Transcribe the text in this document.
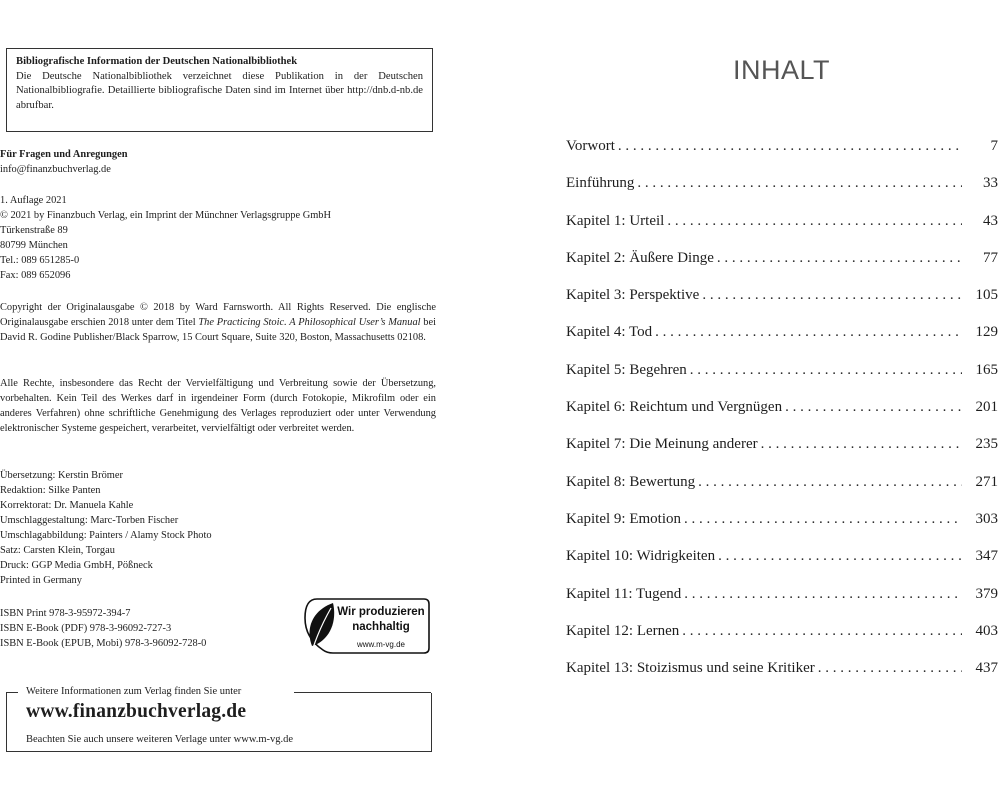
Bibliografische Information der Deutschen Nationalbibliothek
Die Deutsche Nationalbibliothek verzeichnet diese Publikation in der Deutschen Nationalbibliografie. Detaillierte bibliografische Daten sind im Internet über http://dnb.d-nb.de abrufbar.

Für Fragen und Anregungen

info@finanzbuchverlag.de

1. Auflage 2021

© 2021 by Finanzbuch Verlag, ein Imprint der Münchner Verlagsgruppe GmbH

Türkenstraße 89

80799 München

Tel.: 089 651285-0

Fax: 089 652096

Copyright der Originalausgabe © 2018 by Ward Farnsworth. All Rights Reserved. Die englische Originalausgabe erschien 2018 unter dem Titel The Practicing Stoic. A Philosophical User’s Manual bei David R. Godine Publisher/Black Sparrow, 15 Court Square, Suite 320, Boston, Massachusetts 02108.
Alle Rechte, insbesondere das Recht der Vervielfältigung und Verbreitung sowie der Übersetzung, vorbehalten. Kein Teil des Werkes darf in irgendeiner Form (durch Fotokopie, Mikrofilm oder ein anderes Verfahren) ohne schriftliche Genehmigung des Verlages reproduziert oder unter Verwendung elektronischer Systeme gespeichert, verarbeitet, vervielfältigt oder verbreitet werden.

Übersetzung: Kerstin Brömer

Redaktion: Silke Panten

Korrektorat: Dr. Manuela Kahle

Umschlaggestaltung: Marc-Torben Fischer

Umschlagabbildung: Painters / Alamy Stock Photo

Satz: Carsten Klein, Torgau

Druck: GGP Media GmbH, Pößneck

Printed in Germany

ISBN Print 978-3-95972-394-7

ISBN E-Book (PDF) 978-3-96092-727-3

ISBN E-Book (EPUB, Mobi) 978-3-96092-728-0

Wir produzieren
nachhaltig
www.m-vg.de
Weitere Informationen zum Verlag finden Sie unter
www.finanzbuchverlag.de
Beachten Sie auch unsere weiteren Verlage unter www.m-vg.de
INHALT
Vorwort . . .	7
Einführung . . .	33
Kapitel 1: Urteil . . .	43
Kapitel 2: Äußere Dinge . . .	77
Kapitel 3: Perspektive . . .	105
Kapitel 4: Tod . . .	129
Kapitel 5: Begehren . . .	165
Kapitel 6: Reichtum und Vergnügen . . .	201
Kapitel 7: Die Meinung anderer . . .	235
Kapitel 8: Bewertung . . .	271
Kapitel 9: Emotion . . .	303
Kapitel 10: Widrigkeiten . . .	347
Kapitel 11: Tugend . . .	379
Kapitel 12: Lernen . . .	403
Kapitel 13: Stoizismus und seine Kritiker . . .	437
